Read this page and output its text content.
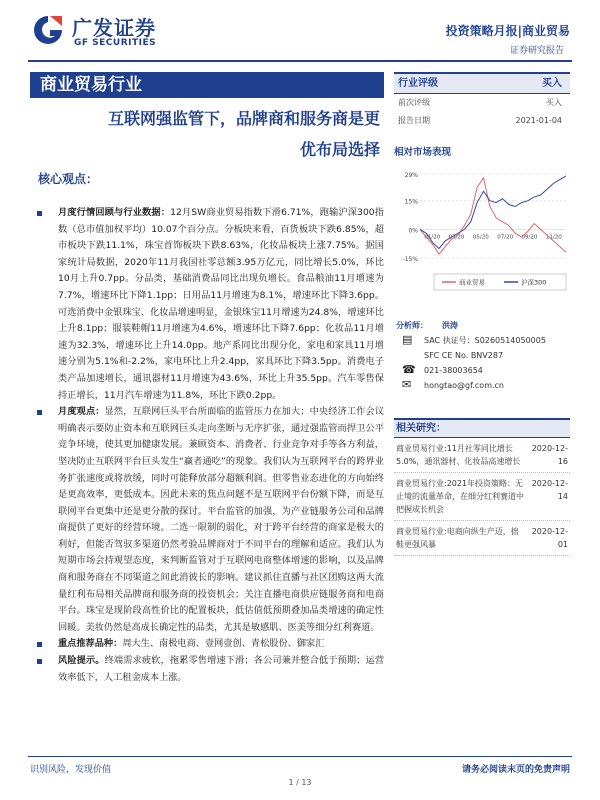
广发证券
GF SECURITIES
投资策略月报|商业贸易
证券研究报告
商业贸易行业
互联网强监管下，品牌商和服务商是更
优布局选择
核心观点：
月度行情回顾与行业数据：12月SW商业贸易指数下滑6.71%，跑输沪深300指数（总市值加权平均）10.07个百分点。分板块来看，百货板块下跌6.85%，超市板块下跌11.1%，珠宝首饰板块下跌8.63%，化妆品板块上涨7.75%。据国家统计局数据，2020年11月我国社零总额3.95万亿元，同比增长5.0%，环比10月上升0.7pp。分品类，基础消费品同比出现负增长。食品粮油11月增速为7.7%，增速环比下降1.1pp；日用品11月增速为8.1%，增速环比下降3.6pp。可选消费中金银珠宝、化妆品增速明显，金银珠宝11月增速为24.8%，增速环比上升8.1pp；服装鞋帽11月增速为4.6%，增速环比下降7.6pp；化妆品11月增速为32.3%，增速环比上升14.0pp。地产系同比出现分化，家电和家具11月增速分别为5.1%和-2.2%，家电环比上升2.4pp，家具环比下降3.5pp。消费电子类产品加速增长，通讯器材11月增速为43.6%，环比上升35.5pp。汽车零售保持正增长，11月汽车增速为11.8%，环比下跌0.2pp。
月度观点：显然，互联网巨头平台所面临的监管压力在加大；中央经济工作会议明确表示要防止资本和互联网巨头走向垄断与无序扩张，通过强监管而捍卫公平竞争环境，使其更加健康发展。兼顾资本、消费者、行业竞争对手等各方利益，坚决防止互联网平台巨头发生“赢者通吃”的现象。我们认为互联网平台的跨界业务扩张速度或将放缓，同时可能释放部分超额利润。但零售业态进化的方向始终是更高效率，更低成本。因此未来的焦点问题不是互联网平台份额下降，而是互联网平台更集中还是更分散的探讨。平台监管的加强，为产业链服务公司和品牌商提供了更好的经营环境。二选一限制的弱化，对于跨平台经营的商家是极大的利好，但能否驾驭多渠道仍然考验品牌商对于不同平台的理解和适应。我们认为短期市场会持观望态度，来判断监管对于互联网电商整体增速的影响，以及品牌商和服务商在不同渠道之间此消彼长的影响。建议抓住直播与社区团购这两大流量红利布局相关品牌商和服务商的投资机会；关注直播电商供应链服务商和电商平台。珠宝是现阶段高性价比的配置板块，低估值低预期叠加品类增速的确定性回暖。美妆仍然是高成长确定性的品类，尤其是敏感肌、医美等细分红利赛道。
重点推荐品种：周大生、南极电商、壹网壹创、青松股份、御家汇
风险提示。终端需求疲软，拖累零售增速下滑；各公司兼并整合低于预期；运营效率低下，人工租金成本上涨。
行业评级	买入
前次评级	买入
报告日期	2021-01-04
相对市场表现
-15%
0%
15%
29%
01/20 03/20 05/20 07/20 09/20 11/20
商业贸易	沪深300
分析师： 洪涛
▤	SAC 执证号：S0260514050005
SFC CE No. BNV287
☎ 021-38003654
✉	hongtao@gf.com.cn
相关研究：
商业贸易行业:11月社零同比增长5.0%，通讯器材、化妆品高速增长
2020-12-16
商业贸易行业:2021年投资策略：无止境的流量革命，在细分红利赛道中把握成长机会
2020-12-14
商业贸易行业:电商向纵生产迈，拙鞋更强风暴
2020-12-01
识别风险，发现价值	请务必阅读末页的免责声明
1 / 13
